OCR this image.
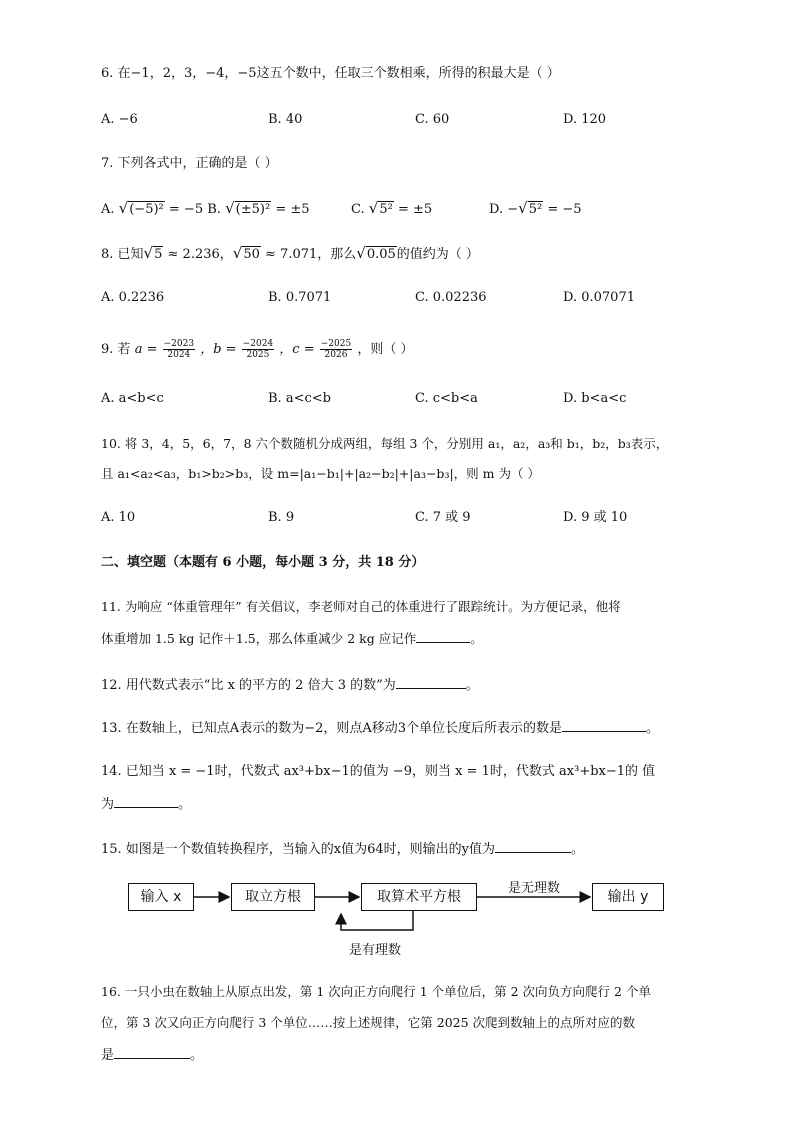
6. 在−1，2，3，−4，−5这五个数中，任取三个数相乘，所得的积最大是（ ）
A. −6	B. 40	C. 60	D. 120
7. 下列各式中，正确的是（ ）
A. √(−5)² = −5 B. √(±5)² = ±5	C. √5² = ±5	D. −√5² = −5
8. 已知√5 ≈ 2.236，√50 ≈ 7.071，那么√0.05的值约为（ ）
A. 0.2236	B. 0.7071	C. 0.02236	D. 0.07071
9. 若 $a = \frac{-2023}{2024}$ ，$b = \frac{-2024}{2025}$ ，$c = \frac{-2025}{2026}$ ，则（ ）
A. a<b<c	B. a<c<b	C. c<b<a	D. b<a<c
10. 将 3，4，5，6，7，8 六个数随机分成两组，每组 3 个，分别用 a₁，a₂，a₃和 b₁，b₂，b₃表示，
且 a₁<a₂<a₃，b₁>b₂>b₃，设 m=|a₁−b₁|+|a₂−b₂|+|a₃−b₃|，则 m 为（ ）
A. 10	B. 9	C. 7 或 9	D. 9 或 10
二、填空题（本题有 6 小题，每小题 3 分，共 18 分）
11. 为响应 “体重管理年” 有关倡议，李老师对自己的体重进行了跟踪统计。为方便记录，他将
体重增加 1.5 kg 记作＋1.5，那么体重减少 2 kg 应记作	。
12. 用代数式表示“比 x 的平方的 2 倍大 3 的数”为	。
13. 在数轴上，已知点A表示的数为−2，则点A移动3个单位长度后所表示的数是	。
14. 已知当 x = −1时，代数式 ax³+bx−1的值为 −9，则当 x = 1时，代数式 ax³+bx−1的 值
为	。
15. 如图是一个数值转换程序，当输入的x值为64时，则输出的y值为	。
输入 x	取立方根	取算术平方根	输出 y
是无理数
是有理数
16. 一只小虫在数轴上从原点出发，第 1 次向正方向爬行 1 个单位后，第 2 次向负方向爬行 2 个单
位，第 3 次又向正方向爬行 3 个单位……按上述规律，它第 2025 次爬到数轴上的点所对应的数
是	。
